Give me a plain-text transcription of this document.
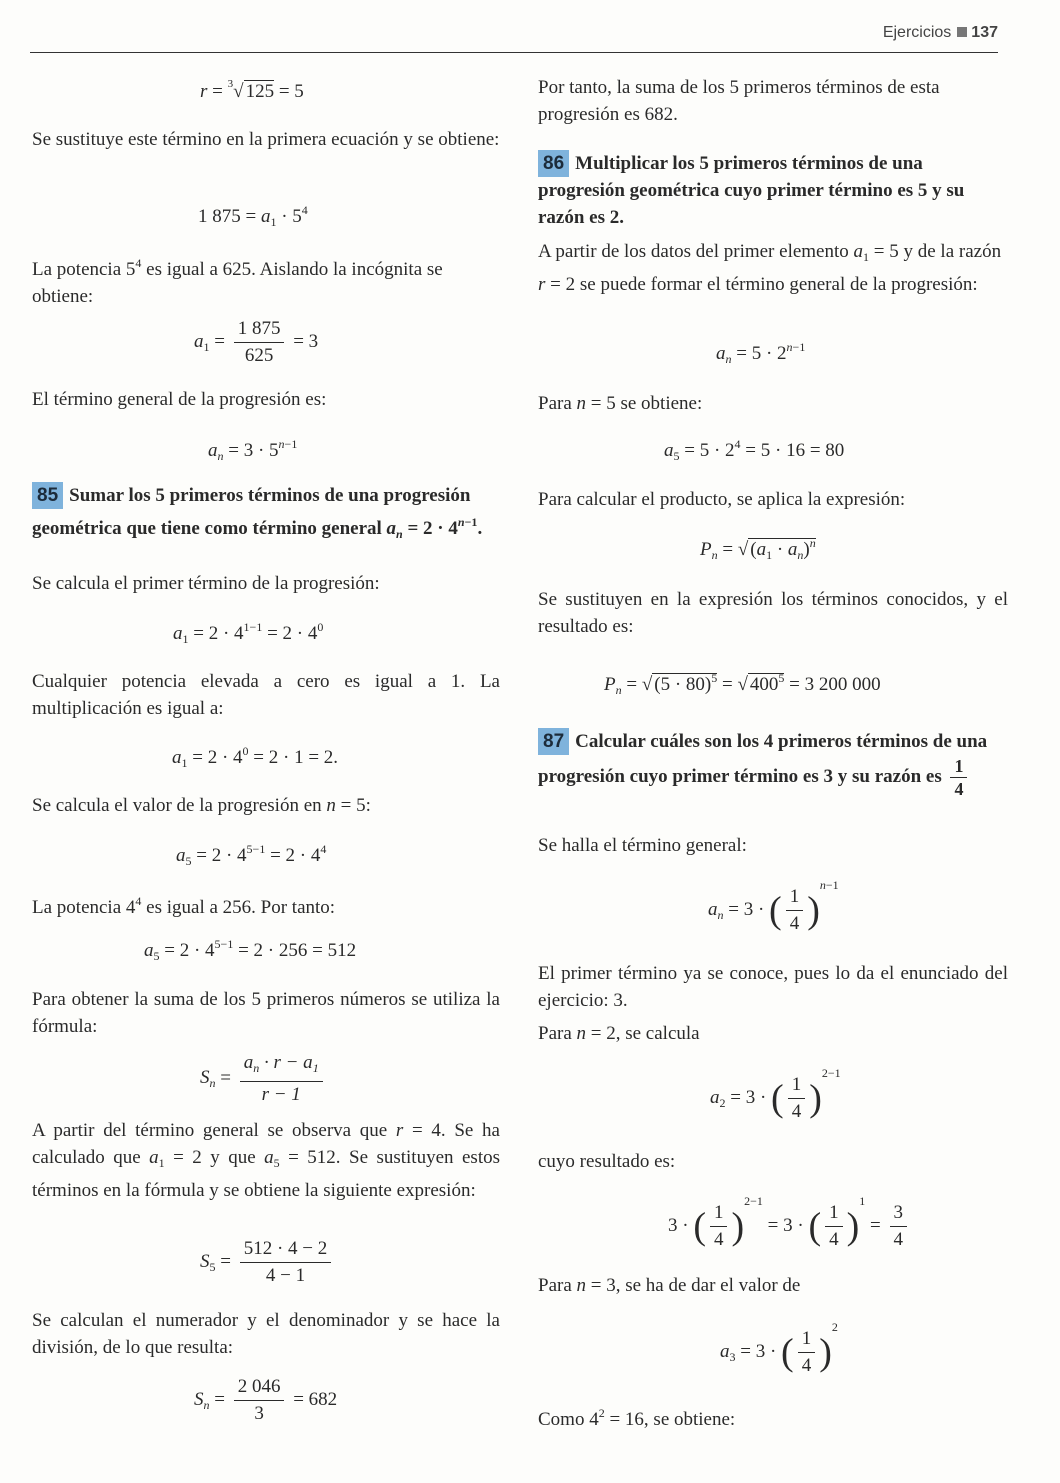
Ejercicios 137
r = $^3$√ 125 = 5

Se sustituye este término en la primera ecuación y se obtiene:

1 $875 = a_1 \cdot 5^4$

La potencia $5^4$ es igual a 625. Aislando la incógnita se obtiene:

$a_1 = \frac{1 875}{625} = 3$

El término general de la progresión es:

$a_n = 3 \cdot 5^{n-1}$
85 Sumar los 5 primeros términos de una progresión geométrica que tiene como término general $a_n = 2 \cdot 4^{n-1}$.

Se calcula el primer término de la progresión:

$a_1 = 2 \cdot 4^{1-1} = 2 \cdot 4^0$

Cualquier potencia elevada a cero es igual a 1. La multiplicación es igual a:

$a_1 = 2 \cdot 4^0 = 2 \cdot 1 = 2$.

Se calcula el valor de la progresión en n = 5:

$a_5 = 2 \cdot 4^{5-1} = 2 \cdot 4^4$

La potencia $4^4$ es igual a 256. Por tanto:

$a_5 = 2 \cdot 4^{5-1} = 2 \cdot 256 = 512$

Para obtener la suma de los 5 primeros números se utiliza la fórmula:

$S_n = \frac{a_n \cdot r - a_1}{r - 1}$

A partir del término general se observa que r = 4. Se ha calculado que $a_1 = 2$ y que $a_5 = 512$. Se sustituyen estos términos en la fórmula y se obtiene la siguiente expresión:

$S_5 = \frac{512 \cdot 4 - 2}{4 - 1}$

Se calculan el numerador y el denominador y se hace la división, de lo que resulta:

$S_n = \frac{2 046}{3} = 682$

Por tanto, la suma de los 5 primeros términos de esta progresión es 682.

86 Multiplicar los 5 primeros términos de una progresión geométrica cuyo primer término es 5 y su razón es 2.

A partir de los datos del primer elemento $a_1 = 5$ y de la razón r = 2 se puede formar el término general de la progresión:

$a_n = 5 \cdot 2^{n-1}$

Para n = 5 se obtiene:

$a_5 = 5 \cdot 2^4 = 5 \cdot 16 = 80$

Para calcular el producto, se aplica la expresión:

$P_n$ = √ $(a_1 \cdot a_n)^n$

Se sustituyen en la expresión los términos conocidos, y el resultado es:

$P_n$ = √ $(5 \cdot 80)^5$ = √ $400^5 = 3$ 200 000
87 Calcular cuáles son los 4 primeros términos de una progresión cuyo primer término es 3 y su razón es $\frac{1}{4}$

Se halla el término general:

$a_n = 3$ · ( $\frac{1}{4} )^{n-1}$

El primer término ya se conoce, pues lo da el enunciado del ejercicio: 3.

Para n = 2, se calcula

$a_2 = 3$ · ( $\frac{1}{4} )^{2-1}$

cuyo resultado es:

3 · ( $\frac{1}{4} )^{2-1} = 3$ · ( $\frac{1}{4} )^1 = \frac{3}{4}$

Para n = 3, se ha de dar el valor de

$a_3 = 3$ · ( $\frac{1}{4} )^2$

Como $4^2 = 16$, se obtiene:
